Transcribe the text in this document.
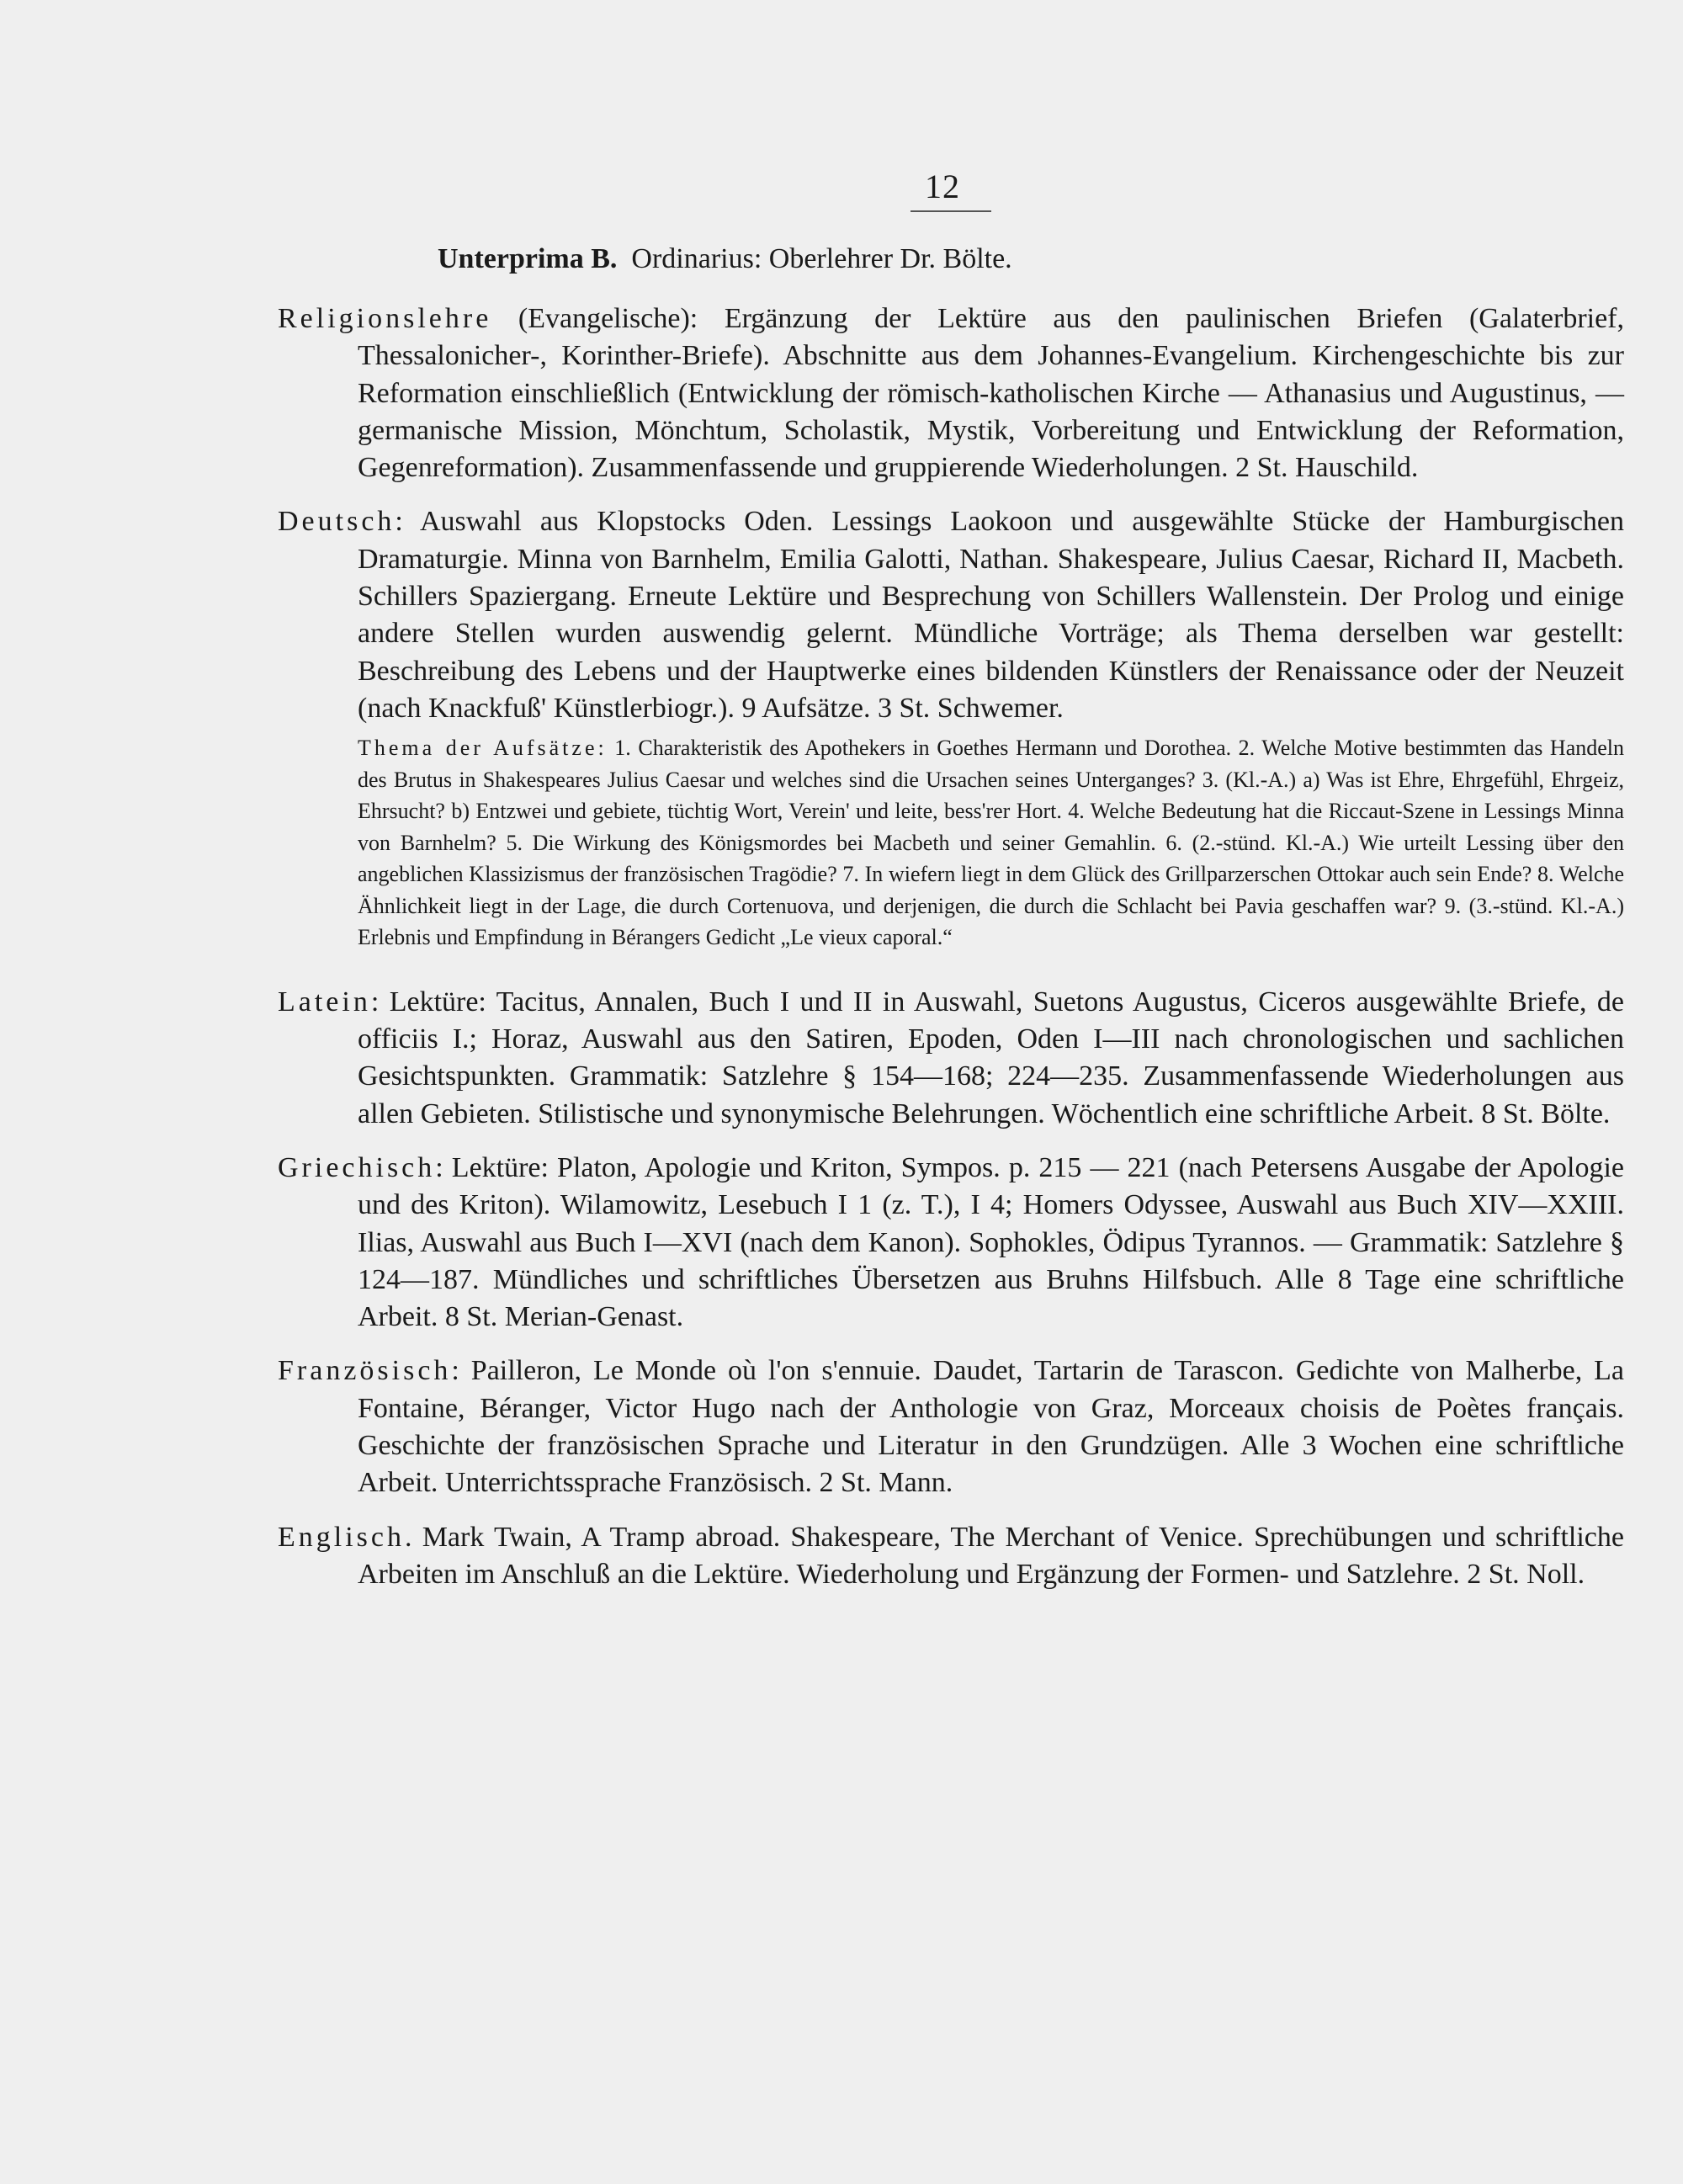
12

Unterprima B. Ordinarius: Oberlehrer Dr. Bölte.

Religionslehre (Evangelische): Ergänzung der Lektüre aus den paulinischen Briefen (Galaterbrief, Thessalonicher-, Korinther-Briefe). Abschnitte aus dem Johannes-Evangelium. Kirchengeschichte bis zur Reformation einschließlich (Entwicklung der römisch-katholischen Kirche — Athanasius und Augustinus, — germanische Mission, Mönchtum, Scholastik, Mystik, Vorbereitung und Entwicklung der Reformation, Gegenreformation). Zusammenfassende und gruppierende Wiederholungen. 2 St. Hauschild.

Deutsch: Auswahl aus Klopstocks Oden. Lessings Laokoon und ausgewählte Stücke der Hamburgischen Dramaturgie. Minna von Barnhelm, Emilia Galotti, Nathan. Shakespeare, Julius Caesar, Richard II, Macbeth. Schillers Spaziergang. Erneute Lektüre und Besprechung von Schillers Wallenstein. Der Prolog und einige andere Stellen wurden auswendig gelernt. Mündliche Vorträge; als Thema derselben war gestellt: Beschreibung des Lebens und der Hauptwerke eines bildenden Künstlers der Renaissance oder der Neuzeit (nach Knackfuß' Künstlerbiogr.). 9 Aufsätze. 3 St. Schwemer.

Thema der Aufsätze: 1. Charakteristik des Apothekers in Goethes Hermann und Dorothea. 2. Welche Motive bestimmten das Handeln des Brutus in Shakespeares Julius Caesar und welches sind die Ursachen seines Unterganges? 3. (Kl.-A.) a) Was ist Ehre, Ehrgefühl, Ehrgeiz, Ehrsucht? b) Entzwei und gebiete, tüchtig Wort, Verein' und leite, bess'rer Hort. 4. Welche Bedeutung hat die Riccaut-Szene in Lessings Minna von Barnhelm? 5. Die Wirkung des Königsmordes bei Macbeth und seiner Gemahlin. 6. (2.-stünd. Kl.-A.) Wie urteilt Lessing über den angeblichen Klassizismus der französischen Tragödie? 7. In wiefern liegt in dem Glück des Grillparzerschen Ottokar auch sein Ende? 8. Welche Ähnlichkeit liegt in der Lage, die durch Cortenuova, und derjenigen, die durch die Schlacht bei Pavia geschaffen war? 9. (3.-stünd. Kl.-A.) Erlebnis und Empfindung in Bérangers Gedicht „Le vieux caporal.“

Latein: Lektüre: Tacitus, Annalen, Buch I und II in Auswahl, Suetons Augustus, Ciceros ausgewählte Briefe, de officiis I.; Horaz, Auswahl aus den Satiren, Epoden, Oden I—III nach chronologischen und sachlichen Gesichtspunkten. Grammatik: Satzlehre § 154—168; 224—235. Zusammenfassende Wiederholungen aus allen Gebieten. Stilistische und synonymische Belehrungen. Wöchentlich eine schriftliche Arbeit. 8 St. Bölte.

Griechisch: Lektüre: Platon, Apologie und Kriton, Sympos. p. 215 — 221 (nach Petersens Ausgabe der Apologie und des Kriton). Wilamowitz, Lesebuch I 1 (z. T.), I 4; Homers Odyssee, Auswahl aus Buch XIV—XXIII. Ilias, Auswahl aus Buch I—XVI (nach dem Kanon). Sophokles, Ödipus Tyrannos. — Grammatik: Satzlehre § 124—187. Mündliches und schriftliches Übersetzen aus Bruhns Hilfsbuch. Alle 8 Tage eine schriftliche Arbeit. 8 St. Merian-Genast.

Französisch: Pailleron, Le Monde où l'on s'ennuie. Daudet, Tartarin de Tarascon. Gedichte von Malherbe, La Fontaine, Béranger, Victor Hugo nach der Anthologie von Graz, Morceaux choisis de Poètes français. Geschichte der französischen Sprache und Literatur in den Grundzügen. Alle 3 Wochen eine schriftliche Arbeit. Unterrichtssprache Französisch. 2 St. Mann.

Englisch. Mark Twain, A Tramp abroad. Shakespeare, The Merchant of Venice. Sprechübungen und schriftliche Arbeiten im Anschluß an die Lektüre. Wiederholung und Ergänzung der Formen- und Satzlehre. 2 St. Noll.
